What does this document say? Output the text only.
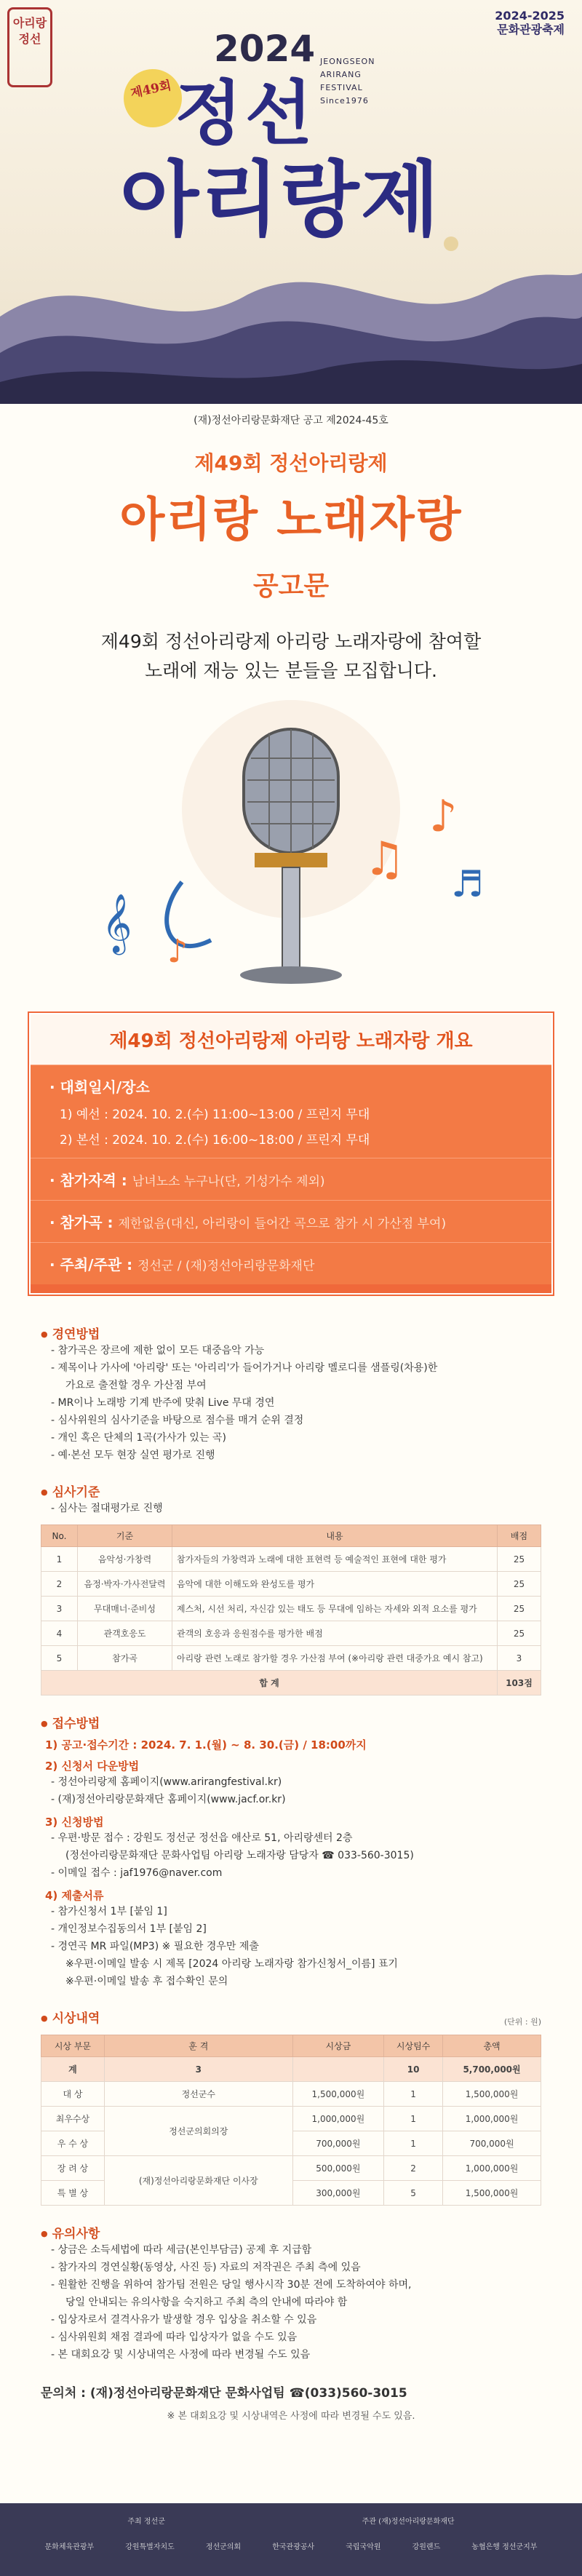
아리랑 정선
2024-2025
문화관광축제
2024
제49회 정선
아리랑제
JEONGSEON
ARIRANG
FESTIVAL
Since1976
(재)정선아리랑문화재단 공고 제2024-45호
제49회 정선아리랑제
아리랑 노래자랑
공고문
제49회 정선아리랑제 아리랑 노래자랑에 참여할
노래에 재능 있는 분들을 모집합니다.
𝄞 ♪
♫
♪
♬
제49회 정선아리랑제 아리랑 노래자랑 개요
· 대회일시/장소
1) 예선 : 2024. 10. 2.(수) 11:00~13:00 / 프린지 무대
2) 본선 : 2024. 10. 2.(수) 16:00~18:00 / 프린지 무대
· 참가자격 : 남녀노소 누구나(단, 기성가수 제외)
· 참가곡 : 제한없음(대신, 아리랑이 들어간 곡으로 참가 시 가산점 부여)
· 주최/주관 : 정선군 / (재)정선아리랑문화재단
● 경연방법
- 참가곡은 장르에 제한 없이 모든 대중음악 가능
- 제목이나 가사에 '아리랑' 또는 '아리리'가 들어가거나 아리랑 멜로디를 샘플링(차용)한
가요로 출전할 경우 가산점 부여
- MR이나 노래방 기계 반주에 맞춰 Live 무대 경연
- 심사위원의 심사기준을 바탕으로 점수를 매겨 순위 결정
- 개인 혹은 단체의 1곡(가사가 있는 곡)
- 예·본선 모두 현장 실연 평가로 진행
● 심사기준
- 심사는 절대평가로 진행
No.	기준	내용	배점
1	음악성·가창력	참가자들의 가창력과 노래에 대한 표현력 등 예술적인 표현에 대한 평가	25
2	음정·박자·가사전달력	음악에 대한 이해도와 완성도를 평가	25
3	무대매너·준비성	제스처, 시선 처리, 자신감 있는 태도 등 무대에 임하는 자세와 외적 요소를 평가	25
4	관객호응도	관객의 호응과 응원점수를 평가한 배점	25
5	참가곡	아리랑 관련 노래로 참가할 경우 가산점 부여 (※아리랑 관련 대중가요 예시 참고)	3
합 계			103점
● 접수방법
1) 공고·접수기간 : 2024. 7. 1.(월) ~ 8. 30.(금) / 18:00까지
2) 신청서 다운방법
- 정선아리랑제 홈페이지(www.arirangfestival.kr)
- (재)정선아리랑문화재단 홈페이지(www.jacf.or.kr)
3) 신청방법
- 우편·방문 접수 : 강원도 정선군 정선읍 애산로 51, 아리랑센터 2층
(정선아리랑문화재단 문화사업팀 아리랑 노래자랑 담당자 ☎ 033-560-3015)
- 이메일 접수 : jaf1976@naver.com
4) 제출서류
- 참가신청서 1부 [붙임 1]
- 개인정보수집동의서 1부 [붙임 2]
- 경연곡 MR 파일(MP3) ※ 필요한 경우만 제출
※우편·이메일 발송 시 제목 [2024 아리랑 노래자랑 참가신청서_이름] 표기
※우편·이메일 발송 후 접수확인 문의
● 시상내역	(단위 : 원)
시상 부문	훈 격	시상금	시상팀수	총액
계	3		10	5,700,000원
대 상	정선군수	1,500,000원	1	1,500,000원
최우수상	정선군의회의장	1,000,000원	1	1,000,000원
우 수 상		700,000원	1	700,000원
장 려 상	(재)정선아리랑문화재단 이사장	500,000원	2	1,000,000원
특 별 상		300,000원	5	1,500,000원
● 유의사항
- 상금은 소득세법에 따라 세금(본인부담금) 공제 후 지급함
- 참가자의 경연실황(동영상, 사진 등) 자료의 저작권은 주최 측에 있음
- 원활한 진행을 위하여 참가팀 전원은 당일 행사시작 30분 전에 도착하여야 하며,
당일 안내되는 유의사항을 숙지하고 주최 측의 안내에 따라야 함
- 입상자로서 결격사유가 발생할 경우 입상을 취소할 수 있음
- 심사위원회 채점 결과에 따라 입상자가 없을 수도 있음
- 본 대회요강 및 시상내역은 사정에 따라 변경될 수도 있음
문의처 : (재)정선아리랑문화재단 문화사업팀 ☎(033)560-3015
※ 본 대회요강 및 시상내역은 사정에 따라 변경될 수도 있음.
주최 정선군	주관 (재)정선아리랑문화재단
문화체육관광부	강원특별자치도	정선군의회	한국관광공사	국립국악원	강원랜드	농협은행 정선군지부
